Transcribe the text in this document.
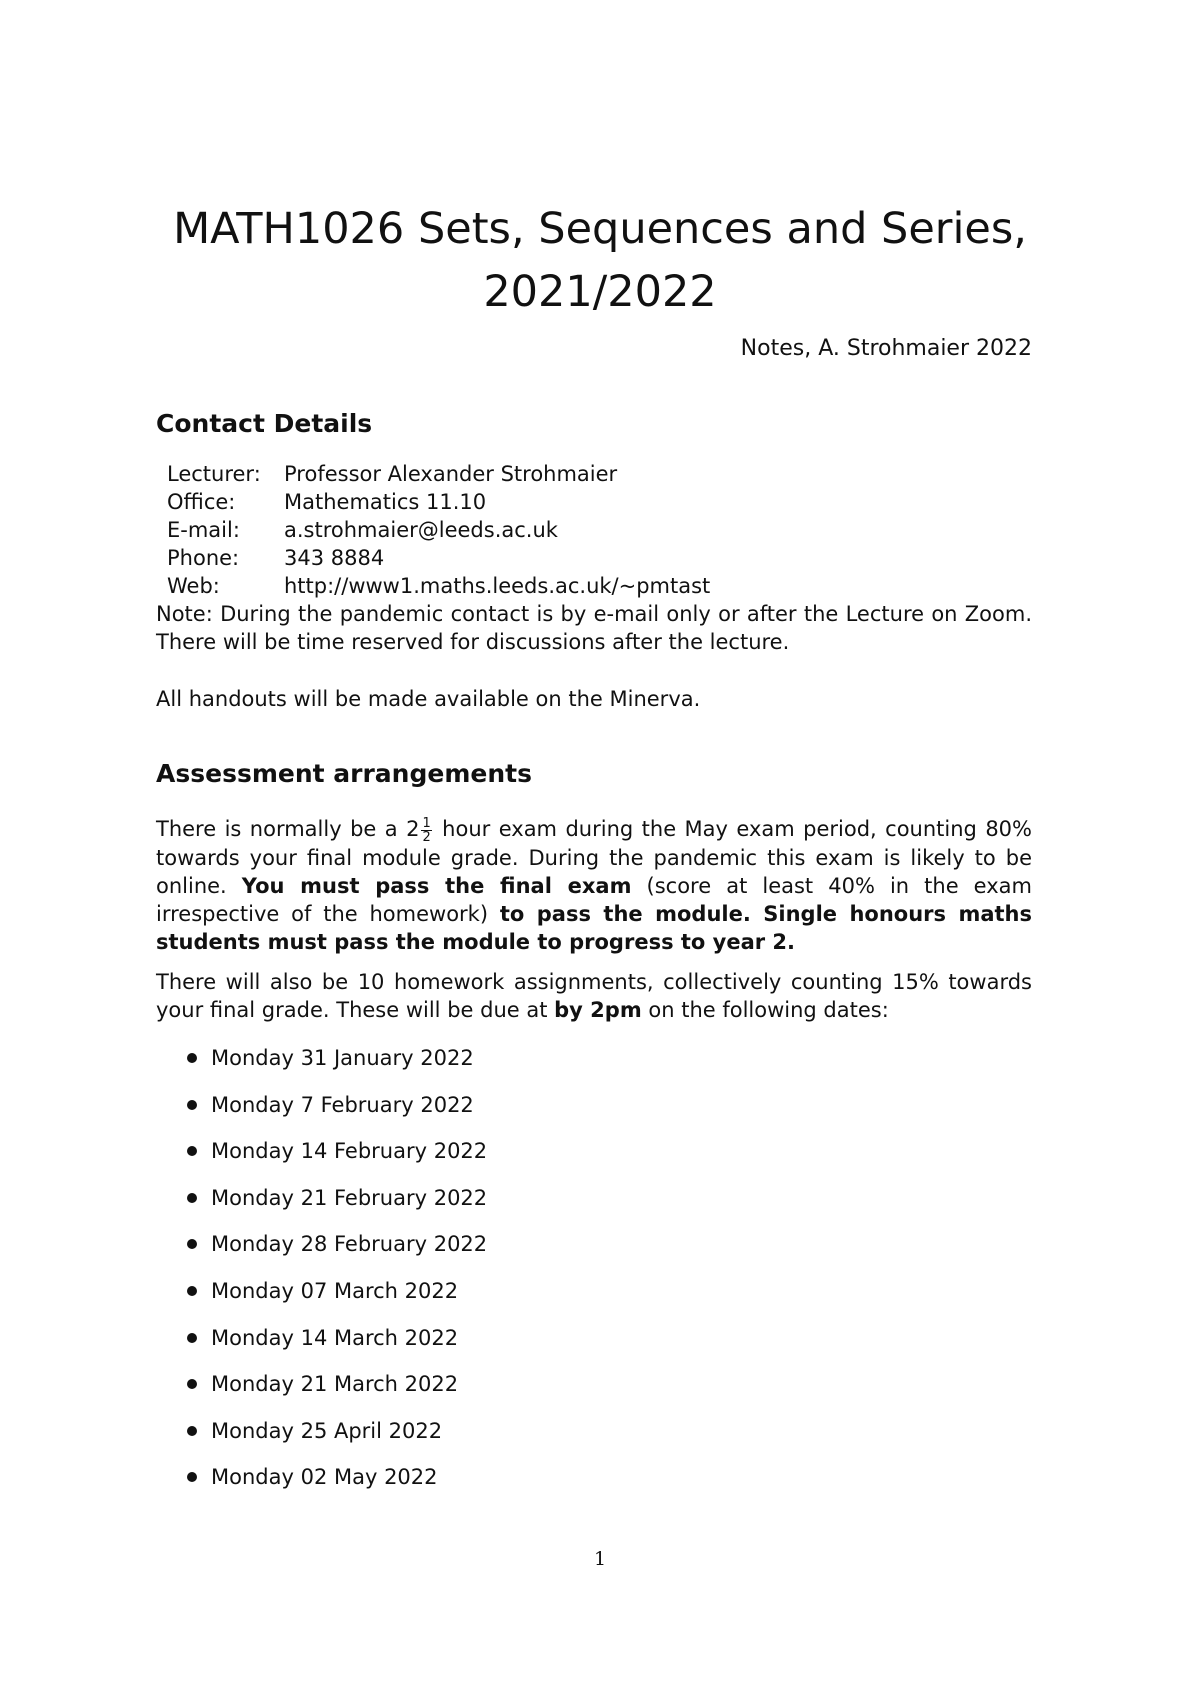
MATH1026 Sets, Sequences and Series,
2021/2022
Notes, A. Strohmaier 2022
Contact Details
Lecturer:	Professor Alexander Strohmaier
Office:	Mathematics 11.10
E-mail:	a.strohmaier@leeds.ac.uk
Phone:	343 8884
Web:	http://www1.maths.leeds.ac.uk/~pmtast

Note: During the pandemic contact is by e-mail only or after the Lecture on Zoom. There will be time reserved for discussions after the lecture.

All handouts will be made available on the Minerva.

Assessment arrangements

There is normally be a $2 \frac{1}{2}$ hour exam during the May exam period, counting 80% towards your final module grade. During the pandemic this exam is likely to be online. You must pass the final exam (score at least 40% in the exam irrespective of the homework) to pass the module. Single honours maths students must pass the module to progress to year 2.

There will also be 10 homework assignments, collectively counting 15% towards your final grade. These will be due at by 2pm on the following dates:

Monday 31 January 2022
Monday 7 February 2022
Monday 14 February 2022
Monday 21 February 2022
Monday 28 February 2022
Monday 07 March 2022
Monday 14 March 2022
Monday 21 March 2022
Monday 25 April 2022
Monday 02 May 2022
1
